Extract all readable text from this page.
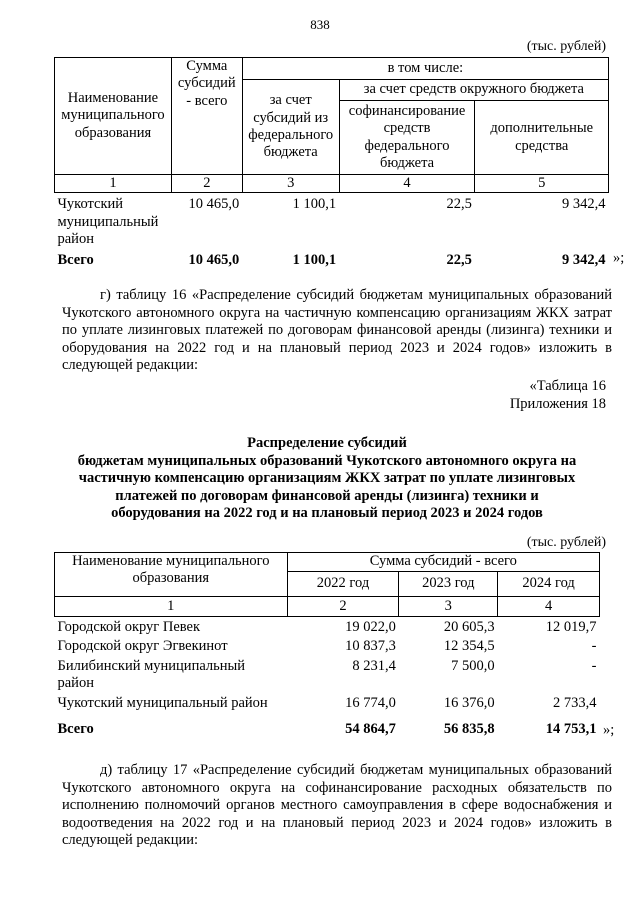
838
(тыс. рублей)
Наименование муниципального образования	Сумма субсидий - всего	в том числе:		
		за счет субсидий из федерального бюджета	за счет средств окружного бюджета	
			софинансирование средств федерального бюджета	дополнительные средства
1	2	3	4	5
Чукотский муниципальный район	10 465,0	1 100,1	22,5	9 342,4
Всего	10 465,0	1 100,1	22,5	9 342,4 »;
г) таблицу 16 «Распределение субсидий бюджетам муниципальных образований Чукотского автономного округа на частичную компенсацию организациям ЖКХ затрат по уплате лизинговых платежей по договорам финансовой аренды (лизинга) техники и оборудования на 2022 год и на плановый период 2023 и 2024 годов» изложить в следующей редакции:
«Таблица 16
Приложения 18
Распределение субсидий
бюджетам муниципальных образований Чукотского автономного округа на
частичную компенсацию организациям ЖКХ затрат по уплате лизинговых
платежей по договорам финансовой аренды (лизинга) техники и
оборудования на 2022 год и на плановый период 2023 и 2024 годов
(тыс. рублей)
Наименование муниципального образования	Сумма субсидий - всего		
	2022 год	2023 год	2024 год
1	2	3	4
Городской округ Певек	19 022,0	20 605,3	12 019,7
Городской округ Эгвекинот	10 837,3	12 354,5	-
Билибинский муниципальный район	8 231,4	7 500,0	-
Чукотский муниципальный район	16 774,0	16 376,0	2 733,4
Всего	54 864,7	56 835,8	14 753,1 »;
д) таблицу 17 «Распределение субсидий бюджетам муниципальных образований Чукотского автономного округа на софинансирование расходных обязательств по исполнению полномочий органов местного самоуправления в сфере водоснабжения и водоотведения на 2022 год и на плановый период 2023 и 2024 годов» изложить в следующей редакции:
